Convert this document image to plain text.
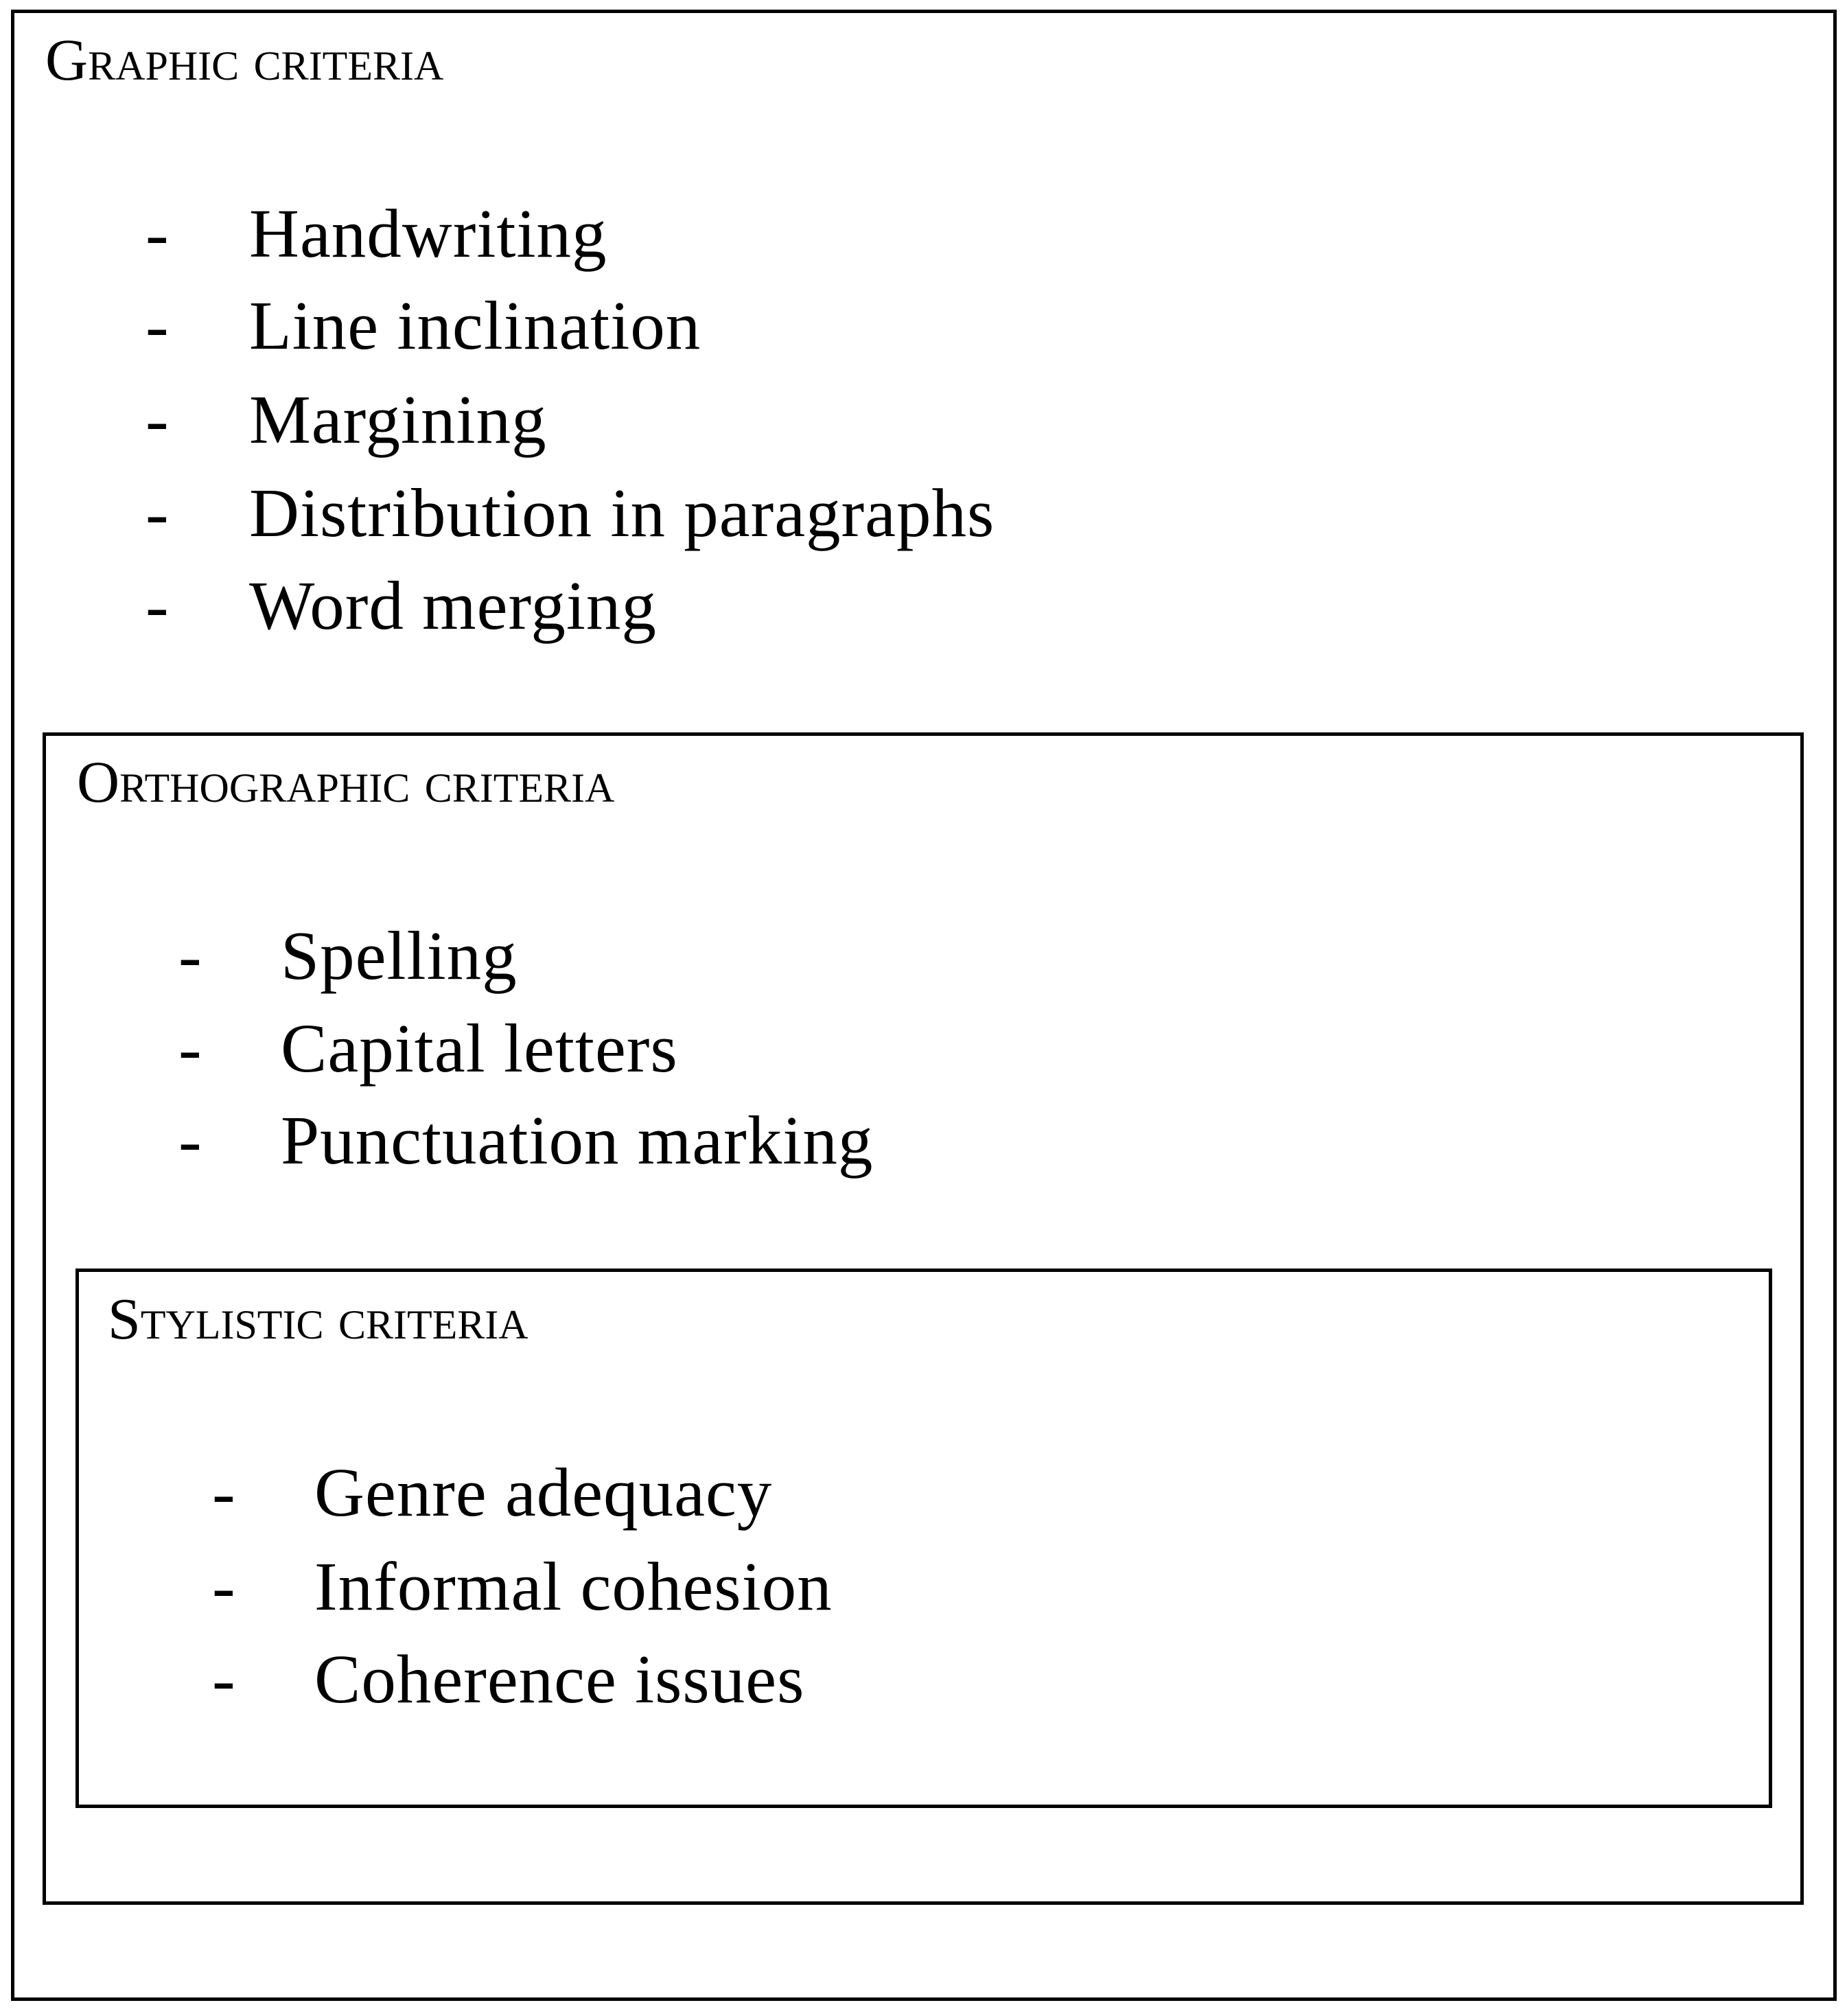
Graphic criteria
- Handwriting
- Line inclination
- Margining
- Distribution in paragraphs
- Word merging
Orthographic criteria
- Spelling
- Capital letters
- Punctuation marking
Stylistic criteria
- Genre adequacy
- Informal cohesion
- Coherence issues
